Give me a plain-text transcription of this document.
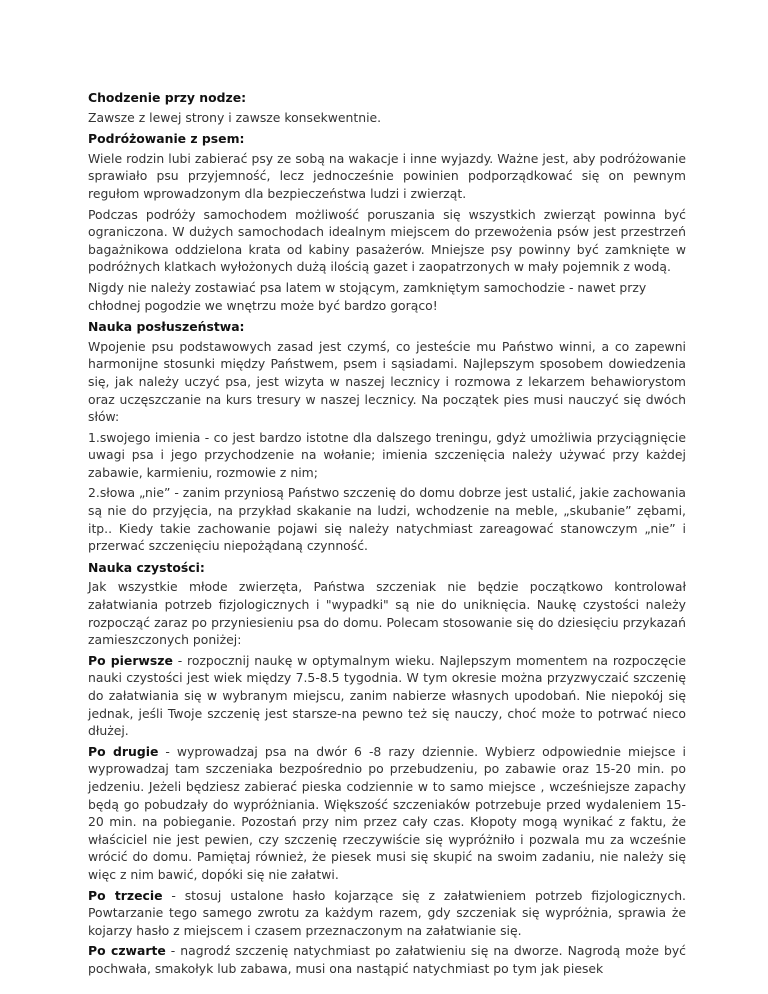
Chodzenie przy nodze:

Zawsze z lewej strony i zawsze konsekwentnie.

Podróżowanie z psem:

Wiele rodzin lubi zabierać psy ze sobą na wakacje i inne wyjazdy. Ważne jest, aby podróżowanie sprawiało psu przyjemność, lecz jednocześnie powinien podporządkować się on pewnym regułom wprowadzonym dla bezpieczeństwa ludzi i zwierząt.

Podczas podróży samochodem możliwość poruszania się wszystkich zwierząt powinna być ograniczona. W dużych samochodach idealnym miejscem do przewożenia psów jest przestrzeń bagażnikowa oddzielona krata od kabiny pasażerów. Mniejsze psy powinny być zamknięte w podróżnych klatkach wyłożonych dużą ilością gazet i zaopatrzonych w mały pojemnik z wodą.

Nigdy nie należy zostawiać psa latem w stojącym, zamkniętym samochodzie - nawet przy chłodnej pogodzie we wnętrzu może być bardzo gorąco!

Nauka posłuszeństwa:

Wpojenie psu podstawowych zasad jest czymś, co jesteście mu Państwo winni, a co zapewni harmonijne stosunki między Państwem, psem i sąsiadami. Najlepszym sposobem dowiedzenia się, jak należy uczyć psa, jest wizyta w naszej lecznicy i rozmowa z lekarzem behawiorystom oraz uczęszczanie na kurs tresury w naszej lecznicy. Na początek pies musi nauczyć się dwóch słów:

1.swojego imienia - co jest bardzo istotne dla dalszego treningu, gdyż umożliwia przyciągnięcie uwagi psa i jego przychodzenie na wołanie; imienia szczenięcia należy używać przy każdej zabawie, karmieniu, rozmowie z nim;

2.słowa „nie” - zanim przyniosą Państwo szczenię do domu dobrze jest ustalić, jakie zachowania są nie do przyjęcia, na przykład skakanie na ludzi, wchodzenie na meble, „skubanie” zębami, itp.. Kiedy takie zachowanie pojawi się należy natychmiast zareagować stanowczym „nie” i przerwać szczenięciu niepożądaną czynność.

Nauka czystości:

Jak wszystkie młode zwierzęta, Państwa szczeniak nie będzie początkowo kontrolował załatwiania potrzeb fizjologicznych i "wypadki" są nie do uniknięcia. Naukę czystości należy rozpocząć zaraz po przyniesieniu psa do domu. Polecam stosowanie się do dziesięciu przykazań zamieszczonych poniżej:

Po pierwsze - rozpocznij naukę w optymalnym wieku. Najlepszym momentem na rozpoczęcie nauki czystości jest wiek między 7.5-8.5 tygodnia. W tym okresie można przyzwyczaić szczenię do załatwiania się w wybranym miejscu, zanim nabierze własnych upodobań. Nie niepokój się jednak, jeśli Twoje szczenię jest starsze-na pewno też się nauczy, choć może to potrwać nieco dłużej.

Po drugie - wyprowadzaj psa na dwór 6 -8 razy dziennie. Wybierz odpowiednie miejsce i wyprowadzaj tam szczeniaka bezpośrednio po przebudzeniu, po zabawie oraz 15-20 min. po jedzeniu. Jeżeli będziesz zabierać pieska codziennie w to samo miejsce , wcześniejsze zapachy będą go pobudzały do wypróżniania. Większość szczeniaków potrzebuje przed wydaleniem 15-20 min. na pobieganie. Pozostań przy nim przez cały czas. Kłopoty mogą wynikać z faktu, że właściciel nie jest pewien, czy szczenię rzeczywiście się wypróżniło i pozwala mu za wcześnie wrócić do domu. Pamiętaj również, że piesek musi się skupić na swoim zadaniu, nie należy się więc z nim bawić, dopóki się nie załatwi.

Po trzecie - stosuj ustalone hasło kojarzące się z załatwieniem potrzeb fizjologicznych. Powtarzanie tego samego zwrotu za każdym razem, gdy szczeniak się wypróżnia, sprawia że kojarzy hasło z miejscem i czasem przeznaczonym na załatwianie się.

Po czwarte - nagrodź szczenię natychmiast po załatwieniu się na dworze. Nagrodą może być pochwała, smakołyk lub zabawa, musi ona nastąpić natychmiast po tym jak piesek
